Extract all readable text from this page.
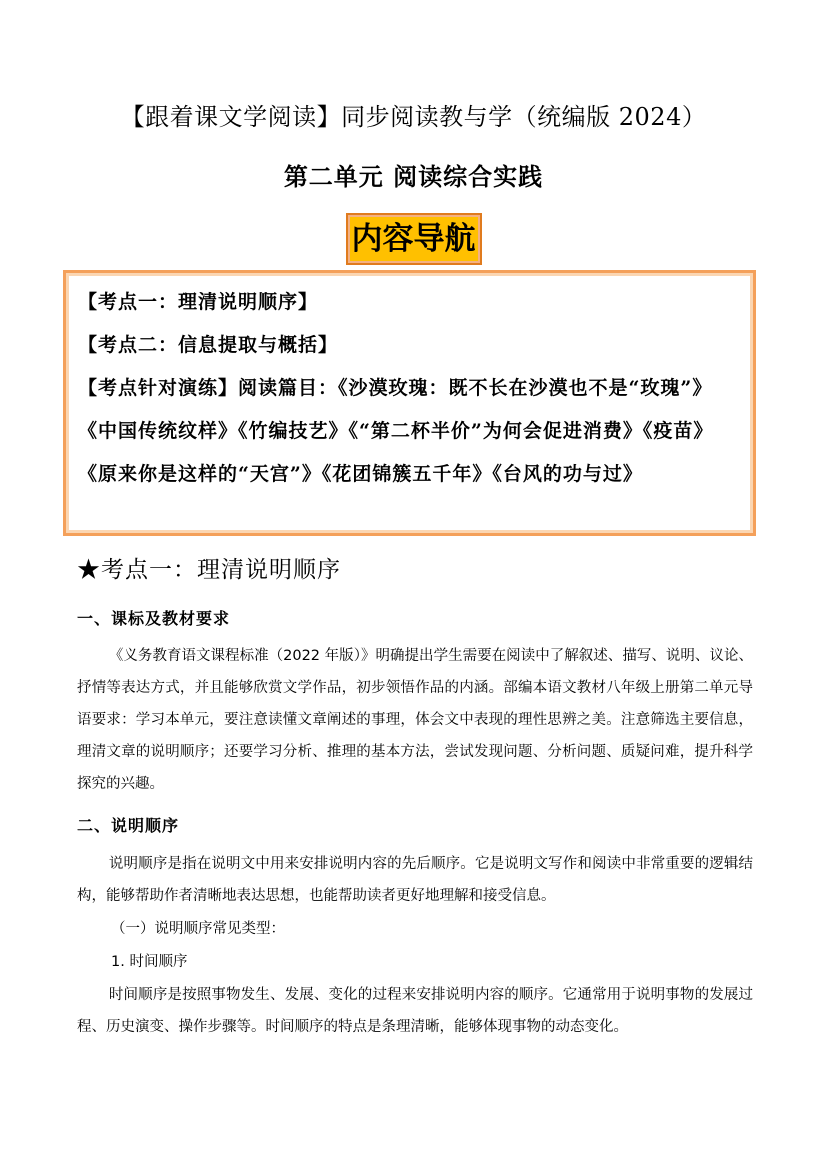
【跟着课文学阅读】同步阅读教与学（统编版 2024）
第二单元 阅读综合实践
内容导航

【考点一：理清说明顺序】

【考点二：信息提取与概括】

【考点针对演练】阅读篇目：《沙漠玫瑰：既不长在沙漠也不是“玫瑰”》《中国传统纹样》《竹编技艺》《“第二杯半价”为何会促进消费》《疫苗》《原来你是这样的“天宫”》《花团锦簇五千年》《台风的功与过》

★考点一：理清说明顺序
一、课标及教材要求

《义务教育语文课程标准（2022 年版）》明确提出学生需要在阅读中了解叙述、描写、说明、议论、抒情等表达方式，并且能够欣赏文学作品，初步领悟作品的内涵。部编本语文教材八年级上册第二单元导语要求：学习本单元，要注意读懂文章阐述的事理，体会文中表现的理性思辨之美。注意筛选主要信息，理清文章的说明顺序；还要学习分析、推理的基本方法，尝试发现问题、分析问题、质疑问难，提升科学探究的兴趣。

二、说明顺序

说明顺序是指在说明文中用来安排说明内容的先后顺序。它是说明文写作和阅读中非常重要的逻辑结构，能够帮助作者清晰地表达思想，也能帮助读者更好地理解和接受信息。

（一）说明顺序常见类型：
1. 时间顺序

时间顺序是按照事物发生、发展、变化的过程来安排说明内容的顺序。它通常用于说明事物的发展过程、历史演变、操作步骤等。时间顺序的特点是条理清晰，能够体现事物的动态变化。
